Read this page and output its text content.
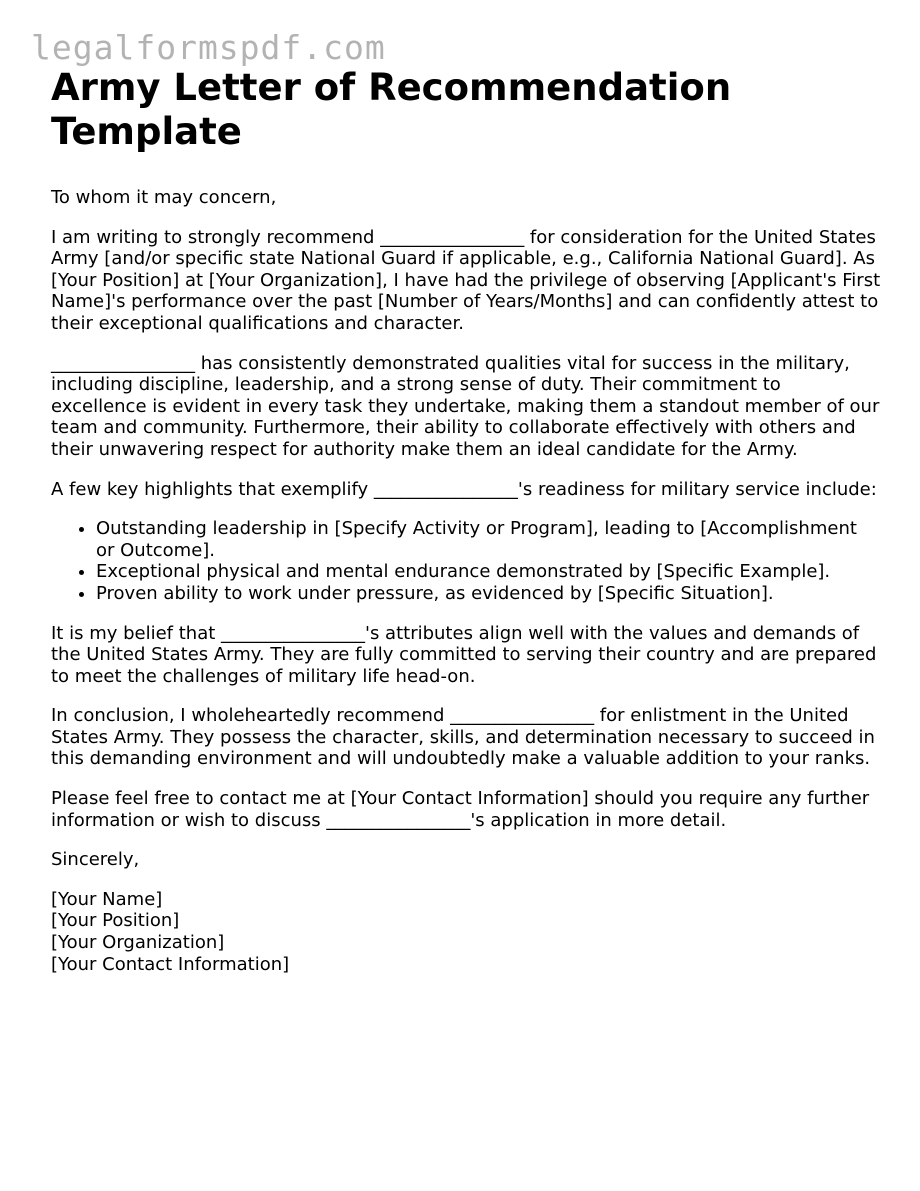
legalformspdf.com
Army Letter of Recommendation Template

To whom it may concern,

I am writing to strongly recommend ________________ for consideration for the United States Army [and/or specific state National Guard if applicable, e.g., California National Guard]. As [Your Position] at [Your Organization], I have had the privilege of observing [Applicant's First Name]'s performance over the past [Number of Years/Months] and can confidently attest to their exceptional qualifications and character.

________________ has consistently demonstrated qualities vital for success in the military, including discipline, leadership, and a strong sense of duty. Their commitment to excellence is evident in every task they undertake, making them a standout member of our team and community. Furthermore, their ability to collaborate effectively with others and their unwavering respect for authority make them an ideal candidate for the Army.

A few key highlights that exemplify ________________'s readiness for military service include:

• Outstanding leadership in [Specify Activity or Program], leading to [Accomplishment or Outcome].
• Exceptional physical and mental endurance demonstrated by [Specific Example].
• Proven ability to work under pressure, as evidenced by [Specific Situation].

It is my belief that ________________'s attributes align well with the values and demands of the United States Army. They are fully committed to serving their country and are prepared to meet the challenges of military life head-on.

In conclusion, I wholeheartedly recommend ________________ for enlistment in the United States Army. They possess the character, skills, and determination necessary to succeed in this demanding environment and will undoubtedly make a valuable addition to your ranks.

Please feel free to contact me at [Your Contact Information] should you require any further information or wish to discuss ________________'s application in more detail.

Sincerely,

[Your Name]
[Your Position]
[Your Organization]
[Your Contact Information]
